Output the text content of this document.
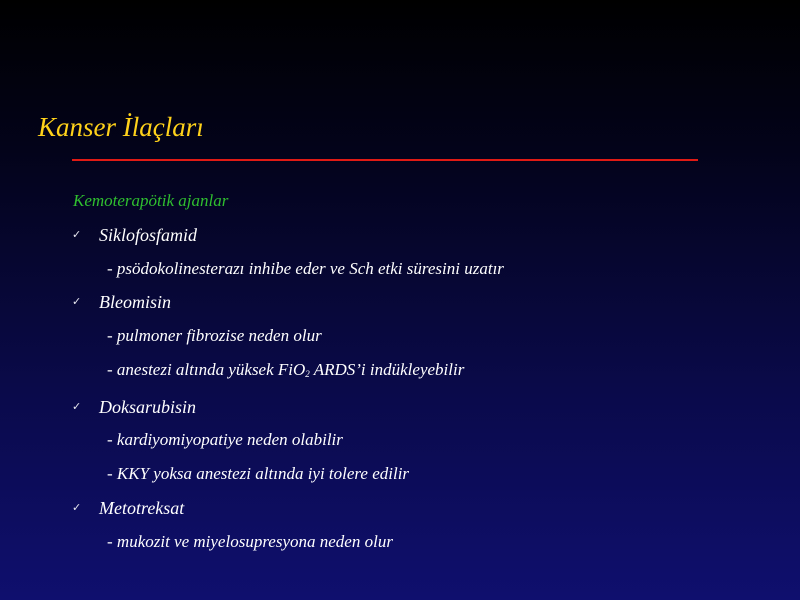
Kanser İlaçları
Kemoterapötik ajanlar
✓ Siklofosfamid
- psödokolinesterazı inhibe eder ve Sch etki süresini uzatır
✓ Bleomisin
- pulmoner fibrozise neden olur
- anestezi altında yüksek FiO$_2$ ARDS’i indükleyebilir
✓ Doksarubisin
- kardiyomiyopatiye neden olabilir
- KKY yoksa anestezi altında iyi tolere edilir
✓ Metotreksat
- mukozit ve miyelosupresyona neden olur
